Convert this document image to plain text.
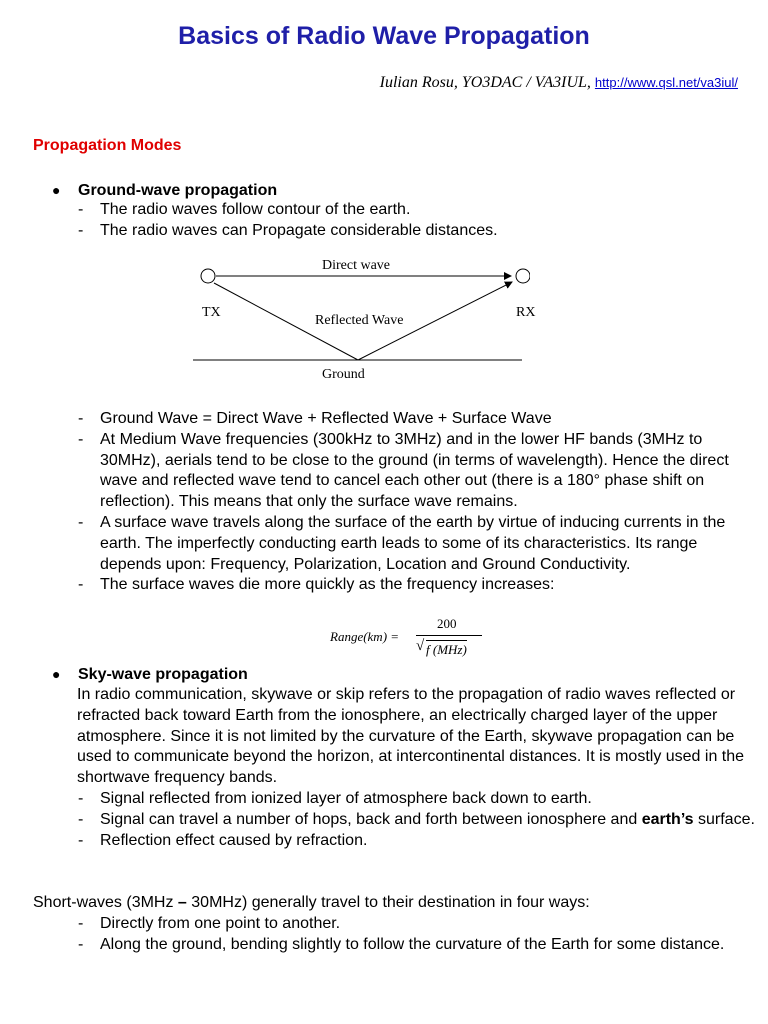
Basics of Radio Wave Propagation
Iulian Rosu, YO3DAC / VA3IUL, http://www.qsl.net/va3iul/
Propagation Modes
● Ground-wave propagation
- The radio waves follow contour of the earth.
- The radio waves can Propagate considerable distances.
Direct wave
TX	RX
Reflected Wave
Ground
- Ground Wave = Direct Wave + Reflected Wave + Surface Wave
- At Medium Wave frequencies (300kHz to 3MHz) and in the lower HF bands (3MHz to 30MHz), aerials tend to be close to the ground (in terms of wavelength). Hence the direct wave and reflected wave tend to cancel each other out (there is a 180° phase shift on reflection). This means that only the surface wave remains.
- A surface wave travels along the surface of the earth by virtue of inducing currents in the earth. The imperfectly conducting earth leads to some of its characteristics. Its range depends upon: Frequency, Polarization, Location and Ground Conductivity.
- The surface waves die more quickly as the frequency increases:
Range(km) =
200
√ f (MHz)
● Sky-wave propagation
In radio communication, skywave or skip refers to the propagation of radio waves reflected or refracted back toward Earth from the ionosphere, an electrically charged layer of the upper atmosphere. Since it is not limited by the curvature of the Earth, skywave propagation can be used to communicate beyond the horizon, at intercontinental distances. It is mostly used in the shortwave frequency bands.
- Signal reflected from ionized layer of atmosphere back down to earth.
- Signal can travel a number of hops, back and forth between ionosphere and earth’s surface.
- Reflection effect caused by refraction.
Short-waves (3MHz – 30MHz) generally travel to their destination in four ways:
- Directly from one point to another.
- Along the ground, bending slightly to follow the curvature of the Earth for some distance.
